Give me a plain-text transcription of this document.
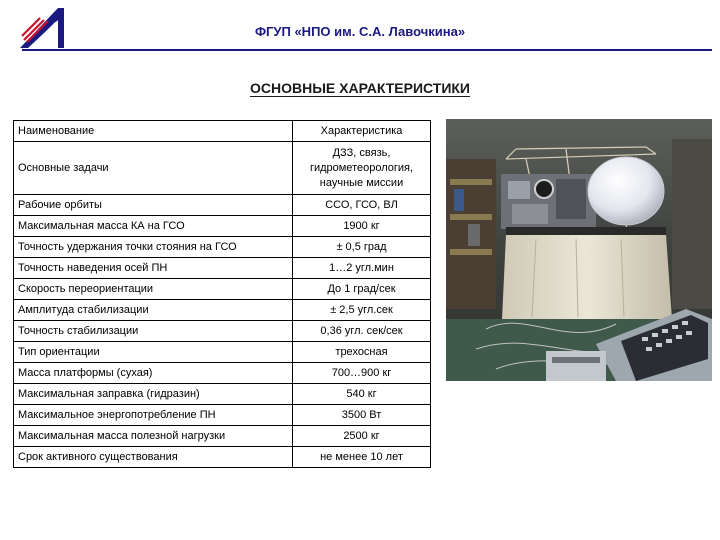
ФГУП «НПО им. С.А. Лавочкина»
ОСНОВНЫЕ ХАРАКТЕРИСТИКИ
Наименование	Характеристика
Основные задачи	ДЗЗ, связь, гидрометеорология, научные миссии
Рабочие орбиты	ССО, ГСО, ВЛ
Максимальная масса КА на ГСО	1900 кг
Точность удержания точки стояния на ГСО	± 0,5 град
Точность наведения осей ПН	1…2 угл.мин
Скорость переориентации	До 1 град/сек
Амплитуда стабилизации	± 2,5 угл.сек
Точность стабилизации	0,36 угл. сек/сек
Тип ориентации	трехосная
Масса платформы (сухая)	700…900 кг
Максимальная заправка (гидразин)	540 кг
Максимальное энергопотребление ПН	3500 Вт
Максимальная масса полезной нагрузки	2500 кг
Срок активного существования	не менее 10 лет
